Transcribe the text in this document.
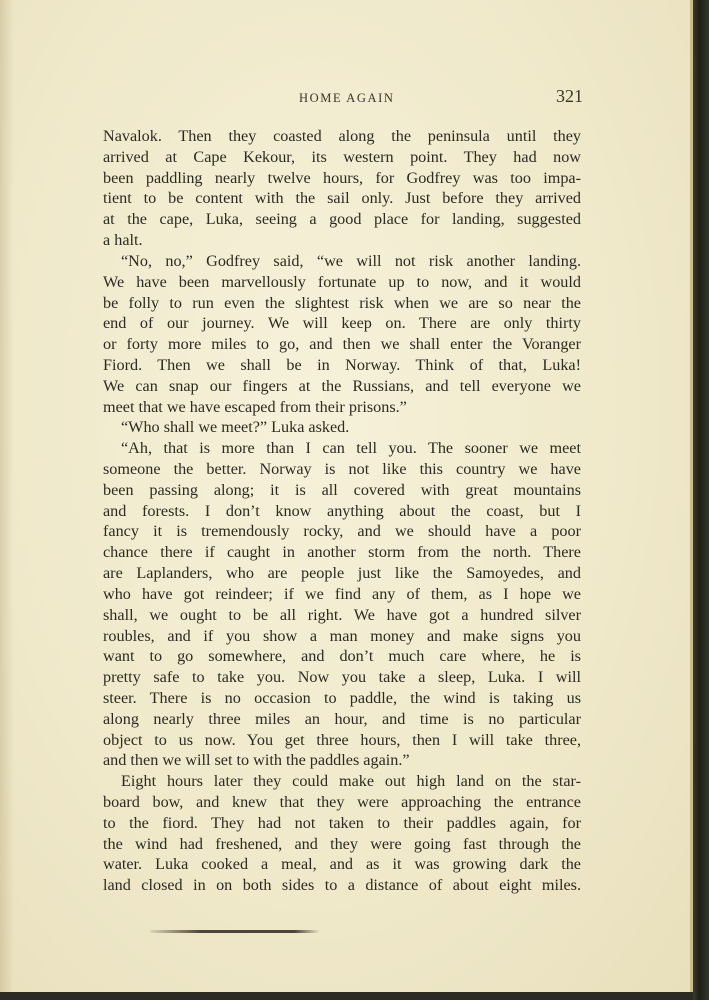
HOME AGAIN	321
Navalok. Then they coasted along the peninsula until they
arrived at Cape Kekour, its western point. They had now
been paddling nearly twelve hours, for Godfrey was too impa-
tient to be content with the sail only. Just before they arrived
at the cape, Luka, seeing a good place for landing, suggested
a halt.
“No, no,” Godfrey said, “we will not risk another landing.
We have been marvellously fortunate up to now, and it would
be folly to run even the slightest risk when we are so near the
end of our journey. We will keep on. There are only thirty
or forty more miles to go, and then we shall enter the Voranger
Fiord. Then we shall be in Norway. Think of that, Luka!
We can snap our fingers at the Russians, and tell everyone we
meet that we have escaped from their prisons.”
“Who shall we meet?” Luka asked.
“Ah, that is more than I can tell you. The sooner we meet
someone the better. Norway is not like this country we have
been passing along; it is all covered with great mountains
and forests. I don’t know anything about the coast, but I
fancy it is tremendously rocky, and we should have a poor
chance there if caught in another storm from the north. There
are Laplanders, who are people just like the Samoyedes, and
who have got reindeer; if we find any of them, as I hope we
shall, we ought to be all right. We have got a hundred silver
roubles, and if you show a man money and make signs you
want to go somewhere, and don’t much care where, he is
pretty safe to take you. Now you take a sleep, Luka. I will
steer. There is no occasion to paddle, the wind is taking us
along nearly three miles an hour, and time is no particular
object to us now. You get three hours, then I will take three,
and then we will set to with the paddles again.”
Eight hours later they could make out high land on the star-
board bow, and knew that they were approaching the entrance
to the fiord. They had not taken to their paddles again, for
the wind had freshened, and they were going fast through the
water. Luka cooked a meal, and as it was growing dark the
land closed in on both sides to a distance of about eight miles.
